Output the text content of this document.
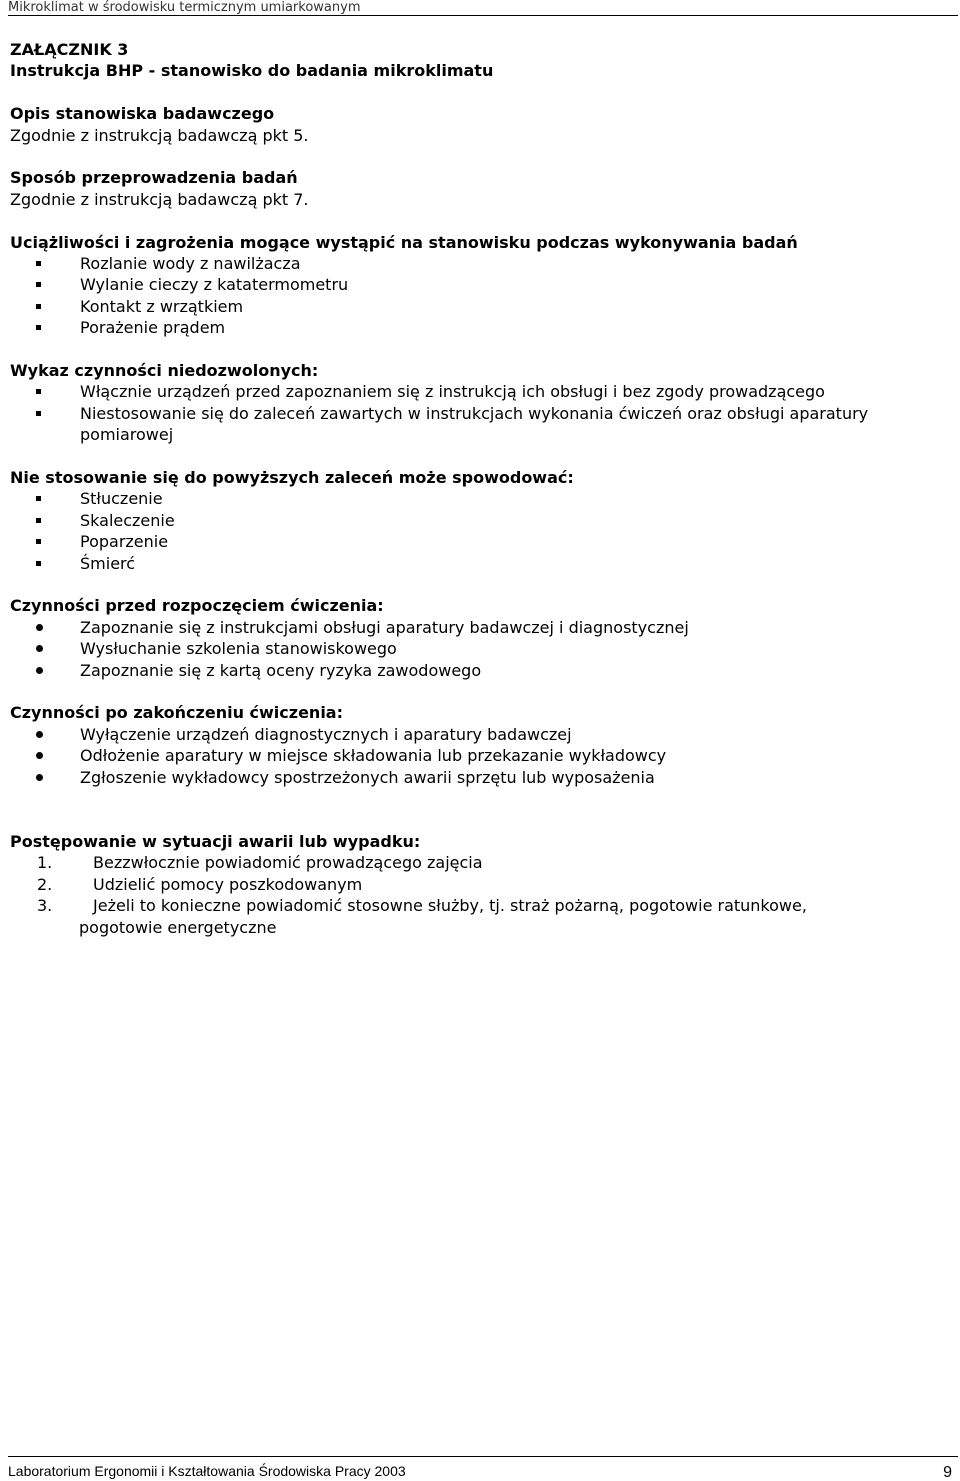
Mikroklimat w środowisku termicznym umiarkowanym
ZAŁĄCZNIK 3
Instrukcja BHP - stanowisko do badania mikroklimatu
Opis stanowiska badawczego
Zgodnie z instrukcją badawczą pkt 5.
Sposób przeprowadzenia badań
Zgodnie z instrukcją badawczą pkt 7.
Uciążliwości i zagrożenia mogące wystąpić na stanowisku podczas wykonywania badań
Rozlanie wody z nawilżacza
Wylanie cieczy z katatermometru
Kontakt z wrzątkiem
Porażenie prądem
Wykaz czynności niedozwolonych:
Włącznie urządzeń przed zapoznaniem się z instrukcją ich obsługi i bez zgody prowadzącego
Niestosowanie się do zaleceń zawartych w instrukcjach wykonania ćwiczeń oraz obsługi aparatury pomiarowej
Nie stosowanie się do powyższych zaleceń może spowodować:
Stłuczenie
Skaleczenie
Poparzenie
Śmierć
Czynności przed rozpoczęciem ćwiczenia:
Zapoznanie się z instrukcjami obsługi aparatury badawczej i diagnostycznej
Wysłuchanie szkolenia stanowiskowego
Zapoznanie się z kartą oceny ryzyka zawodowego
Czynności po zakończeniu ćwiczenia:
Wyłączenie urządzeń diagnostycznych i aparatury badawczej
Odłożenie aparatury w miejsce składowania lub przekazanie wykładowcy
Zgłoszenie wykładowcy spostrzeżonych awarii sprzętu lub wyposażenia
Postępowanie w sytuacji awarii lub wypadku:
1.	Bezzwłocznie powiadomić prowadzącego zajęcia
2.	Udzielić pomocy poszkodowanym
3.	Jeżeli to konieczne powiadomić stosowne służby, tj. straż pożarną, pogotowie ratunkowe,
pogotowie energetyczne
Laboratorium Ergonomii i Kształtowania Środowiska Pracy 2003	9
